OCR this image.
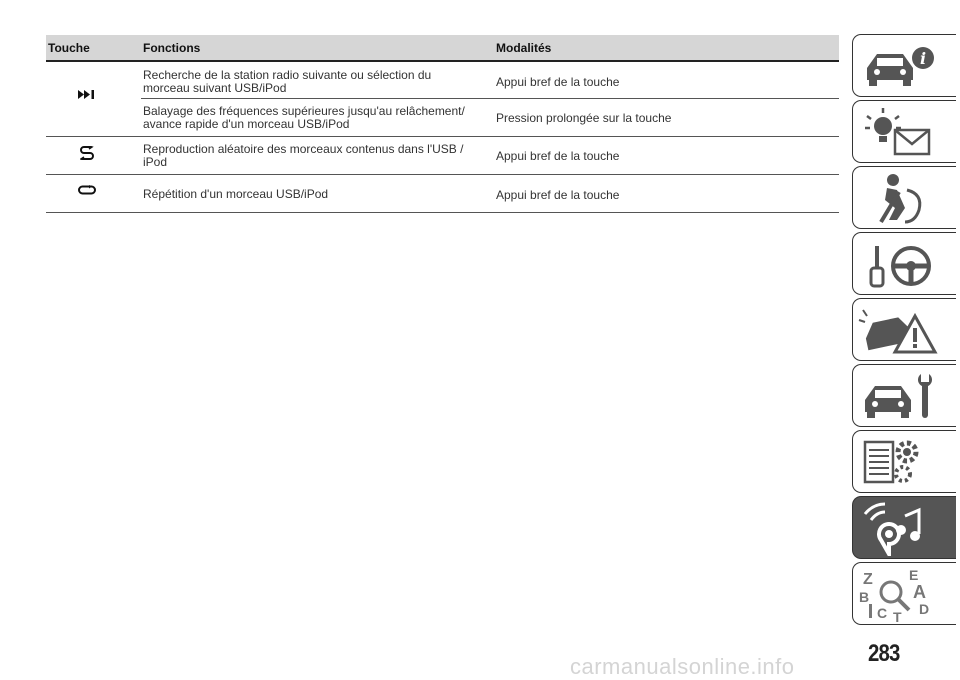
Touche	Fonctions	Modalités
Recherche de la station radio suivante ou sélection du
morceau suivant USB/iPod	Appui bref de la touche
Balayage des fréquences supérieures jusqu'au relâchement/
avance rapide d'un morceau USB/iPod	Pression prolongée sur la touche
Reproduction aléatoire des morceaux contenus dans l'USB /
iPod	Appui bref de la touche
Répétition d'un morceau USB/iPod	Appui bref de la touche
i
Z	E
A
B
C D
T
283
carmanualsonline.info
